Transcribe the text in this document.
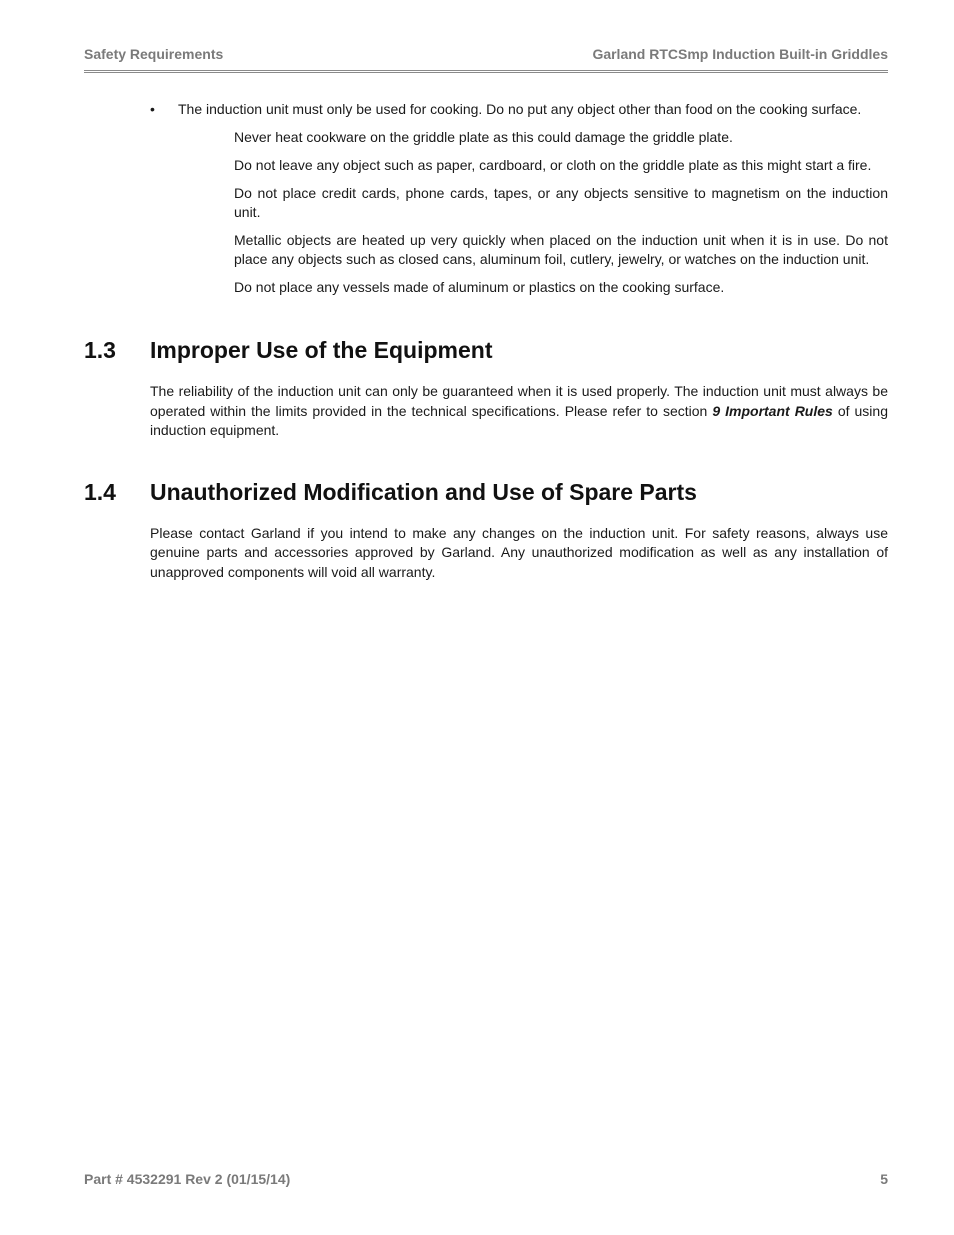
Safety Requirements	Garland RTCSmp Induction Built-in Griddles
• The induction unit must only be used for cooking. Do no put any object other than food on the cooking surface.
Never heat cookware on the griddle plate as this could damage the griddle plate.
Do not leave any object such as paper, cardboard, or cloth on the griddle plate as this might start a fire.
Do not place credit cards, phone cards, tapes, or any objects sensitive to magnetism on the induction unit.
Metallic objects are heated up very quickly when placed on the induction unit when it is in use. Do not place any objects such as closed cans, aluminum foil, cutlery, jewelry, or watches on the induction unit.
Do not place any vessels made of aluminum or plastics on the cooking surface.
1.3 Improper Use of the Equipment
The reliability of the induction unit can only be guaranteed when it is used properly. The induction unit must always be operated within the limits provided in the technical specifications. Please refer to section 9 Important Rules of using induction equipment.
1.4 Unauthorized Modification and Use of Spare Parts
Please contact Garland if you intend to make any changes on the induction unit. For safety reasons, always use genuine parts and accessories approved by Garland. Any unauthorized modification as well as any installation of unapproved components will void all warranty.
Part # 4532291 Rev 2 (01/15/14)	5
